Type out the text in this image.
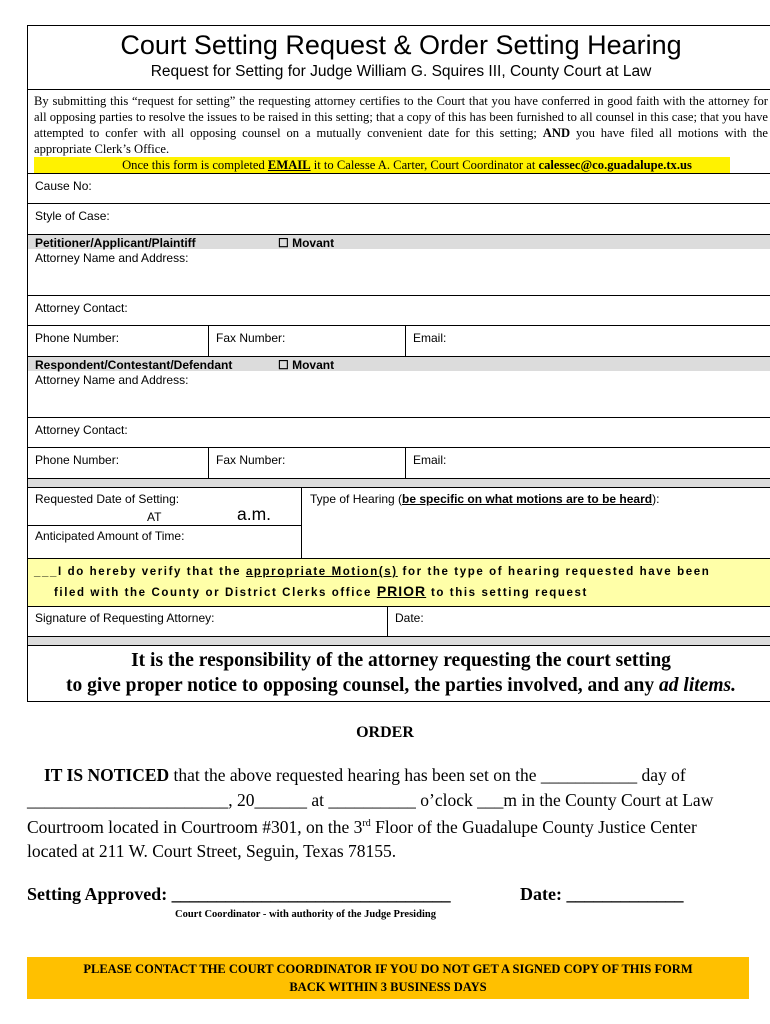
Court Setting Request & Order Setting Hearing
Request for Setting for Judge William G. Squires III, County Court at Law
By submitting this “request for setting” the requesting attorney certifies to the Court that you have conferred in good faith with the attorney for all opposing parties to resolve the issues to be raised in this setting; that a copy of this has been furnished to all counsel in this case; that you have attempted to confer with all opposing counsel on a mutually convenient date for this setting; AND you have filed all motions with the appropriate Clerk’s Office.
Once this form is completed EMAIL it to Calesse A. Carter, Court Coordinator at calessec@co.guadalupe.tx.us
Cause No:
Style of Case:
Petitioner/Applicant/Plaintiff	☐ Movant
Attorney Name and Address:
Attorney Contact:
Phone Number:	Fax Number:	Email:
Respondent/Contestant/Defendant	☐ Movant
Attorney Name and Address:
Attorney Contact:
Phone Number:	Fax Number:	Email:
Requested Date of Setting:
AT	a.m.
Anticipated Amount of Time:
Type of Hearing (be specific on what motions are to be heard):
___I do hereby verify that the appropriate Motion(s) for the type of hearing requested have been
filed with the County or District Clerks office PRIOR to this setting request
Signature of Requesting Attorney:	Date:
It is the responsibility of the attorney requesting the court setting
to give proper notice to opposing counsel, the parties involved, and any ad litems.
ORDER
IT IS NOTICED that the above requested hearing has been set on the ___________ day of
_______________________, 20______ at __________ o’clock ___m in the County Court at Law
Courtroom located in Courtroom #301, on the 3rd Floor of the Guadalupe County Justice Center
located at 211 W. Court Street, Seguin, Texas 78155.
Setting Approved: _______________________________	Date: _____________
Court Coordinator - with authority of the Judge Presiding
PLEASE CONTACT THE COURT COORDINATOR IF YOU DO NOT GET A SIGNED COPY OF THIS FORM
BACK WITHIN 3 BUSINESS DAYS
